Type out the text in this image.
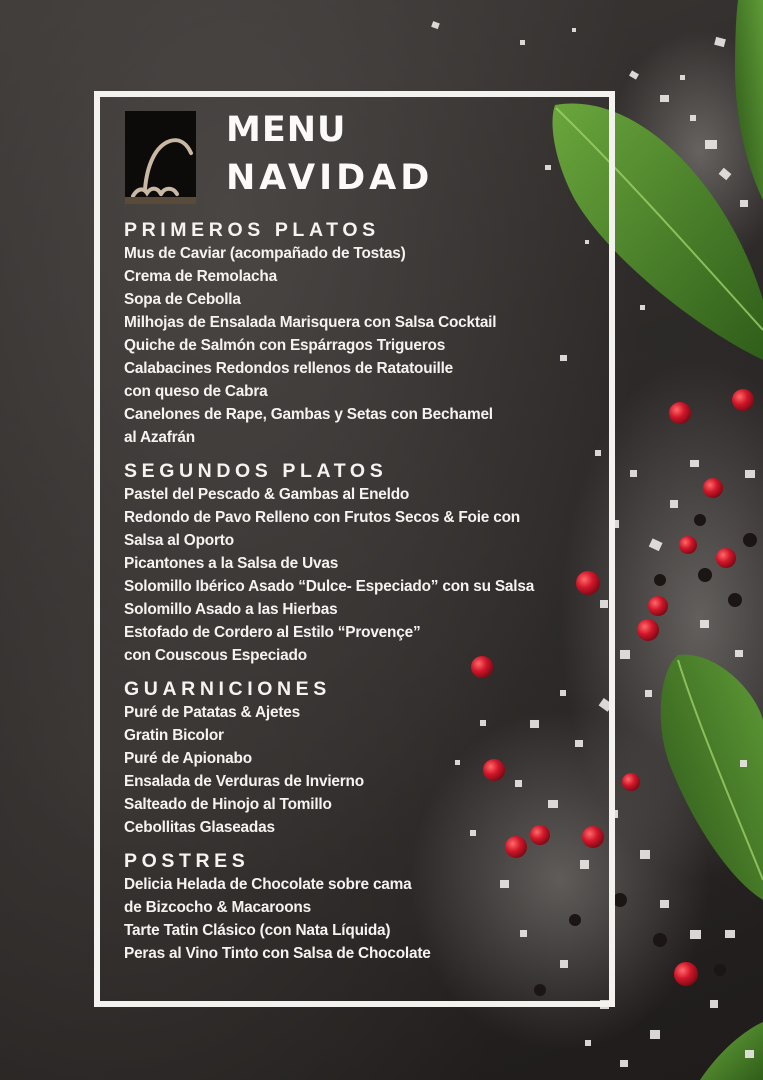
MENU
NAVIDAD
PRIMEROS PLATOS
Mus de Caviar (acompañado de Tostas)
Crema de Remolacha
Sopa de Cebolla
Milhojas de Ensalada Marisquera con Salsa Cocktail
Quiche de Salmón con Espárragos Trigueros
Calabacines Redondos rellenos de Ratatouille
con queso de Cabra
Canelones de Rape, Gambas y Setas con Bechamel
al Azafrán
SEGUNDOS PLATOS
Pastel del Pescado & Gambas al Eneldo
Redondo de Pavo Relleno con Frutos Secos & Foie con
Salsa al Oporto
Picantones a la Salsa de Uvas
Solomillo Ibérico Asado “Dulce- Especiado” con su Salsa
Solomillo Asado a las Hierbas
Estofado de Cordero al Estilo “Provençe”
con Couscous Especiado
GUARNICIONES
Puré de Patatas & Ajetes
Gratin Bicolor
Puré de Apionabo
Ensalada de Verduras de Invierno
Salteado de Hinojo al Tomillo
Cebollitas Glaseadas
POSTRES
Delicia Helada de Chocolate sobre cama
de Bizcocho & Macaroons
Tarte Tatin Clásico (con Nata Líquida)
Peras al Vino Tinto con Salsa de Chocolate
